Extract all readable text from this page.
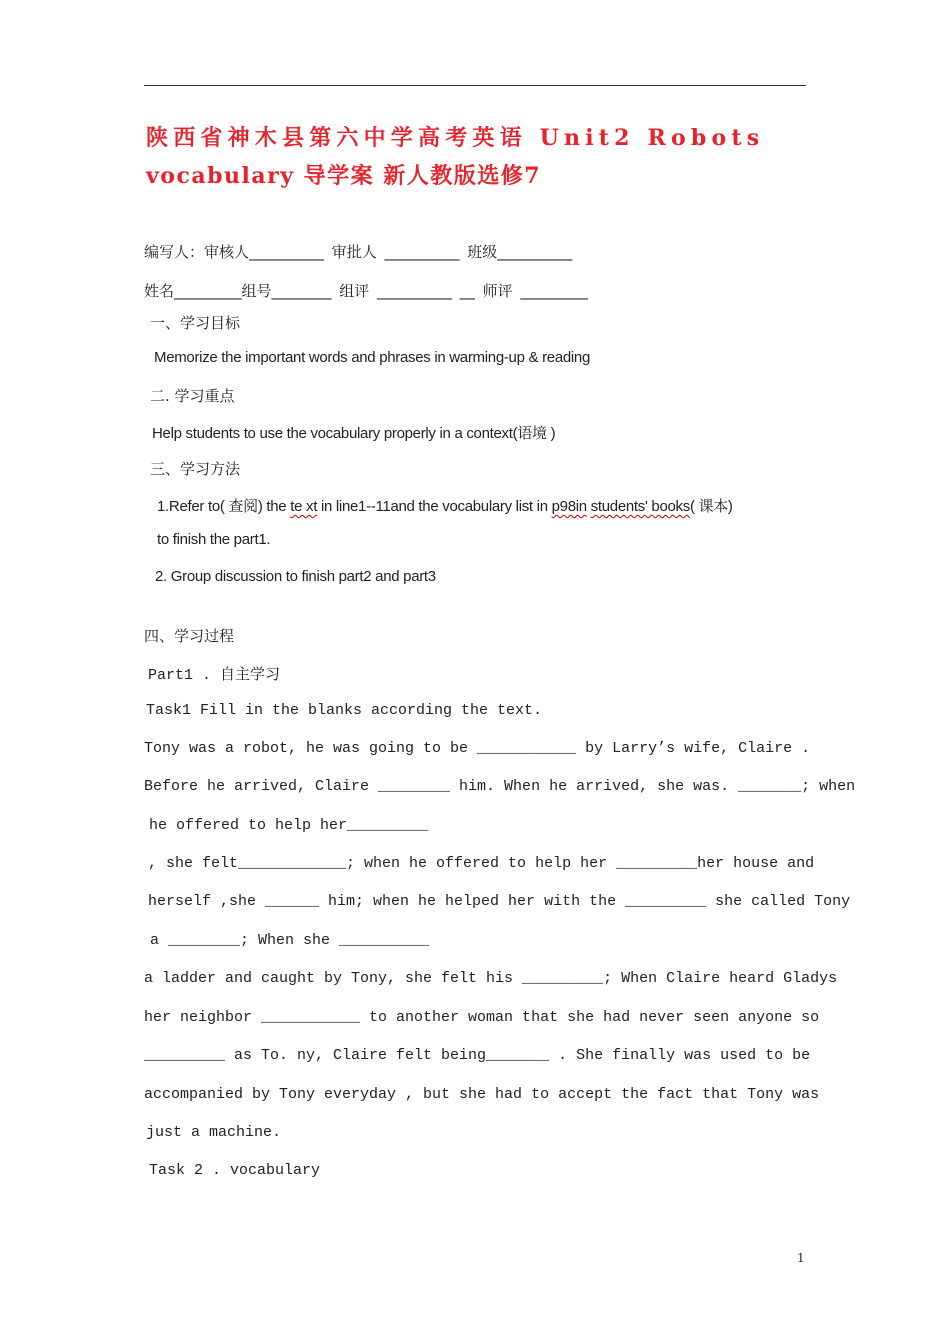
陕西省神木县第六中学高考英语 Unit2 Robots
vocabulary 导学案 新人教版选修7
编写人：审核人__________ 审批人 __________ 班级__________
姓名_________组号________ 组评 __________ __ 师评 _________
一、学习目标
Memorize the important words and phrases in warming-up & reading
二. 学习重点
Help students to use the vocabulary properly in a context(语境 )
三、学习方法
1.Refer to( 查阅) the te xt in line1--11and the vocabulary list in p98in students' books( 课本)
to finish the part1.
2. Group discussion to finish part2 and part3
四、学习过程
Part1 . 自主学习
Task1 Fill in the blanks according the text.
Tony was a robot, he was going to be ___________ by Larry’s wife, Claire .
Before he arrived, Claire ________ him. When he arrived, she was. _______; when
he offered to help her_________
, she felt____________; when he offered to help her _________her house and
herself ,she ______ him; when he helped her with the _________ she called Tony
a ________; When she __________
a ladder and caught by Tony, she felt his _________; When Claire heard Gladys
her neighbor ___________ to another woman that she had never seen anyone so
_________ as To. ny, Claire felt being_______ . She finally was used to be
accompanied by Tony everyday , but she had to accept the fact that Tony was
just a machine.
Task 2 . vocabulary
1
